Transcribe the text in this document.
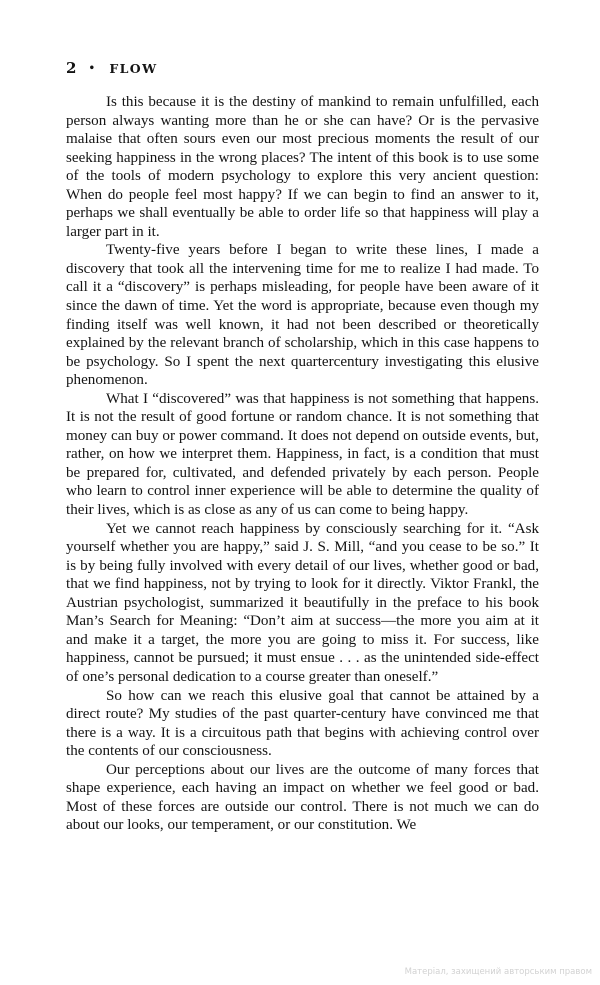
2 • FLOW

Is this because it is the destiny of mankind to remain unfulfilled, each person always wanting more than he or she can have? Or is the pervasive malaise that often sours even our most precious moments the result of our seeking happiness in the wrong places? The intent of this book is to use some of the tools of modern psychology to explore this very ancient question: When do people feel most happy? If we can begin to find an answer to it, perhaps we shall eventually be able to order life so that happiness will play a larger part in it.

Twenty-five years before I began to write these lines, I made a discovery that took all the intervening time for me to realize I had made. To call it a “discovery” is perhaps misleading, for people have been aware of it since the dawn of time. Yet the word is appropriate, because even though my finding itself was well known, it had not been described or theoretically explained by the relevant branch of scholarship, which in this case happens to be psychology. So I spent the next quartercentury investigating this elusive phenomenon.

What I “discovered” was that happiness is not something that happens. It is not the result of good fortune or random chance. It is not something that money can buy or power command. It does not depend on outside events, but, rather, on how we interpret them. Happiness, in fact, is a condition that must be prepared for, cultivated, and defended privately by each person. People who learn to control inner experience will be able to determine the quality of their lives, which is as close as any of us can come to being happy.

Yet we cannot reach happiness by consciously searching for it. “Ask yourself whether you are happy,” said J. S. Mill, “and you cease to be so.” It is by being fully involved with every detail of our lives, whether good or bad, that we find happiness, not by trying to look for it directly. Viktor Frankl, the Austrian psychologist, summarized it beautifully in the preface to his book Man’s Search for Meaning: “Don’t aim at success—the more you aim at it and make it a target, the more you are going to miss it. For success, like happiness, cannot be pursued; it must ensue . . . as the unintended side-effect of one’s personal dedication to a course greater than oneself.”

So how can we reach this elusive goal that cannot be attained by a direct route? My studies of the past quarter-century have convinced me that there is a way. It is a circuitous path that begins with achieving control over the contents of our consciousness.

Our perceptions about our lives are the outcome of many forces that shape experience, each having an impact on whether we feel good or bad. Most of these forces are outside our control. There is not much we can do about our looks, our temperament, or our constitution. We

Матеріал, захищений авторським правом
